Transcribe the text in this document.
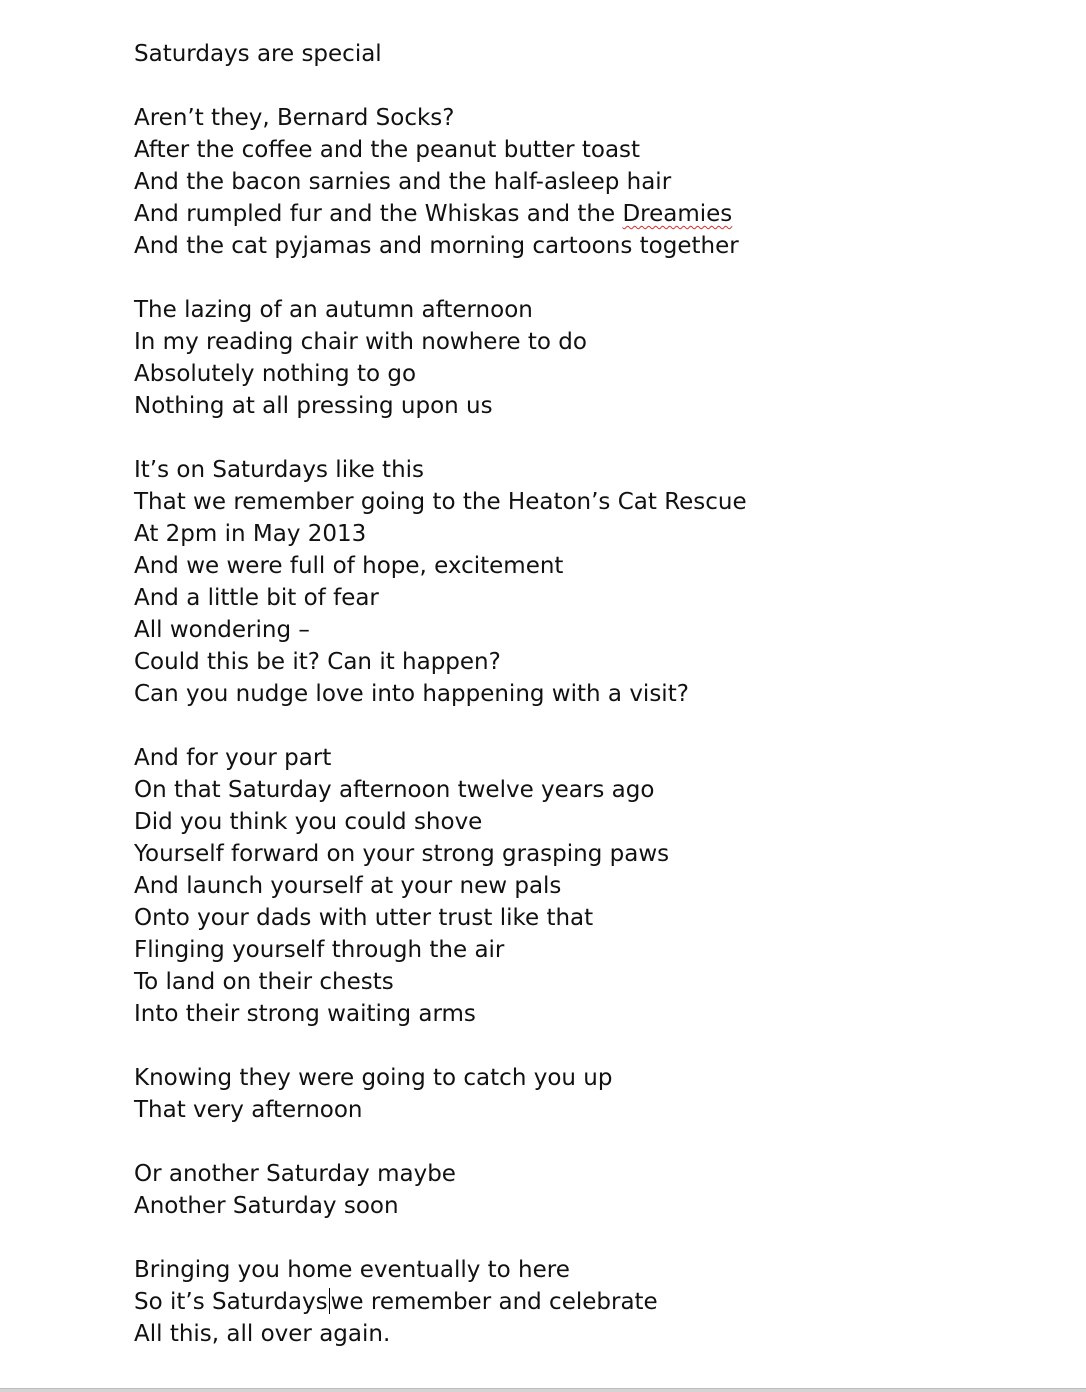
Saturdays are special
Aren’t they, Bernard Socks?
After the coffee and the peanut butter toast
And the bacon sarnies and the half-asleep hair
And rumpled fur and the Whiskas and the Dreamies
And the cat pyjamas and morning cartoons together
The lazing of an autumn afternoon
In my reading chair with nowhere to do
Absolutely nothing to go
Nothing at all pressing upon us
It’s on Saturdays like this
That we remember going to the Heaton’s Cat Rescue
At 2pm in May 2013
And we were full of hope, excitement
And a little bit of fear
All wondering –
Could this be it? Can it happen?
Can you nudge love into happening with a visit?
And for your part
On that Saturday afternoon twelve years ago
Did you think you could shove
Yourself forward on your strong grasping paws
And launch yourself at your new pals
Onto your dads with utter trust like that
Flinging yourself through the air
To land on their chests
Into their strong waiting arms
Knowing they were going to catch you up
That very afternoon
Or another Saturday maybe
Another Saturday soon
Bringing you home eventually to here
So it’s Saturdays we remember and celebrate
All this, all over again.
